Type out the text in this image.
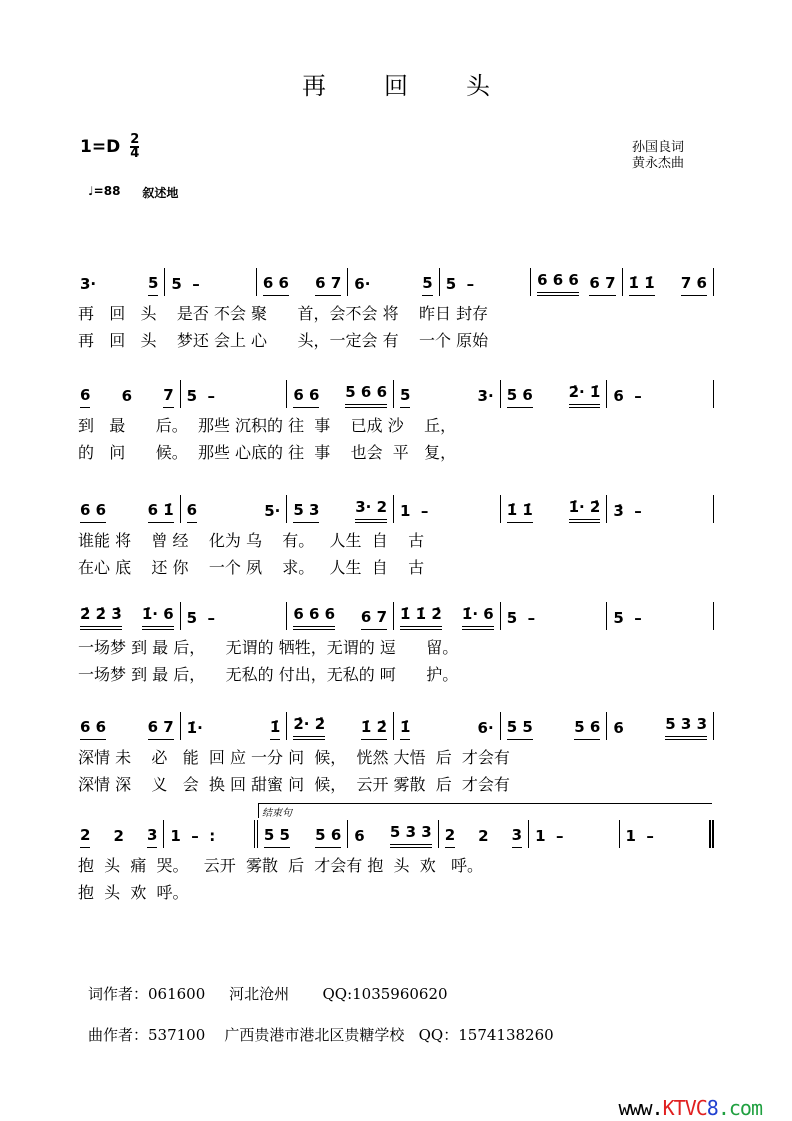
再回头
$1=D \frac{2}{4}$	孙国良词
黄永杰曲
♩=88 叙述地
结束句
3·	5 5  –	6 6 6 7 6·	5 5  –	6 6 6 6 7 1̇ 1̇ 7 6
再   回   头    是否 不会 聚      首，会不会 将    昨日 封存
再   回   头    梦还 会上 心      头，一定会 有    一个 原始
6 6 7 5  –	6 6 5 6 6 5	3· 5 6 2̇· 1̇ 6  –
到   最      后。  那些 沉积的 往  事    已成 沙    丘，
的   问      候。  那些 心底的 往  事    也会  平   复，
6 6	6 1̇ 6	5· 5 3 3· 2 1  –	1̇ 1̇ 1̇· 2̇ 3̇  –
谁能 将    曾 经    化为 乌    有。   人生  自    古
在心 底    还 你    一个 夙    求。   人生  自    古
2̇ 2̇ 3̇ 1̇· 6 5  –	6 6 6 6 7 1̇ 1̇ 2̇ 1̇· 6 5  –	5  –
一场梦 到 最 后，    无谓的 牺牲，无谓的 逗      留。
一场梦 到 最 后，    无私的 付出，无私的 呵      护。
6 6	6 7 1̇·	1̇ 2̇· 2̇ 1̇ 2̇ 1̇	6· 5 5	5 6 6	5 3 3
深情 未    必   能  回 应 一分 问  候，  恍然 大悟  后  才会有
深情 深    义   会  换 回 甜蜜 问  候，  云开 雾散  后  才会有
2 2 3 1  –  :	5 5 5 6 6 5 3 3 2 2 3 1  –	1  –
抱  头  痛  哭。   云开  雾散  后  才会有 抱  头  欢   呼。
抱  头  欢  呼。
词作者：061600     河北沧州       QQ:1035960620
曲作者：537100    广西贵港市港北区贵糖学校   QQ：1574138260
www.KTVC8.com
